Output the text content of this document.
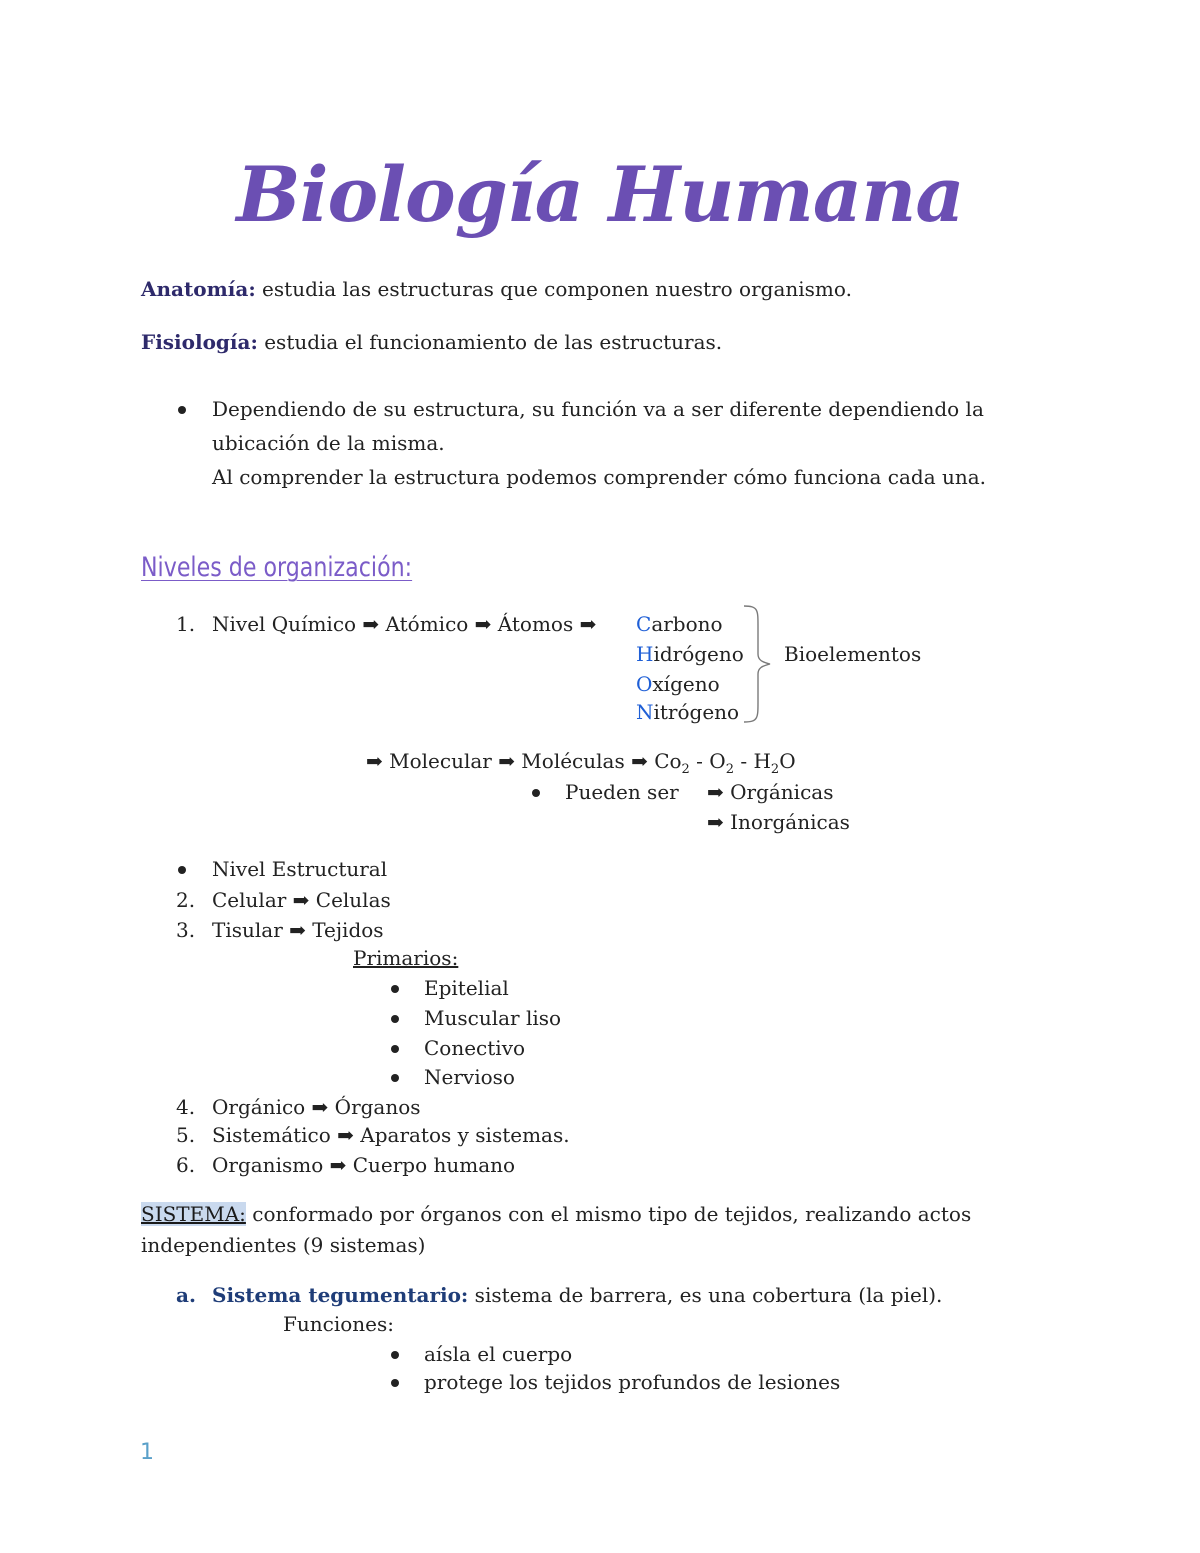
Biología Humana
Anatomía: estudia las estructuras que componen nuestro organismo.
Fisiología: estudia el funcionamiento de las estructuras.
Dependiendo de su estructura, su función va a ser diferente dependiendo la
ubicación de la misma.
Al comprender la estructura podemos comprender cómo funciona cada una.
Niveles de organización:
1. Nivel Químico ➡ Atómico ➡ Átomos ➡ Carbono
Hidrógeno
Oxígeno
Nitrógeno
Bioelementos
➡ Molecular ➡ Moléculas ➡ $Co_2 - O_2 - H_2O$
Pueden ser ➡ Orgánicas
➡ Inorgánicas
Nivel Estructural
2. Celular ➡ Celulas
3. Tisular ➡ Tejidos
Primarios:
Epitelial
Muscular liso
Conectivo
Nervioso
4. Orgánico ➡ Órganos
5. Sistemático ➡ Aparatos y sistemas.
6. Organismo ➡ Cuerpo humano
SISTEMA: conformado por órganos con el mismo tipo de tejidos, realizando actos
independientes (9 sistemas)
a. Sistema tegumentario: sistema de barrera, es una cobertura (la piel).
Funciones:
aísla el cuerpo
protege los tejidos profundos de lesiones
1
